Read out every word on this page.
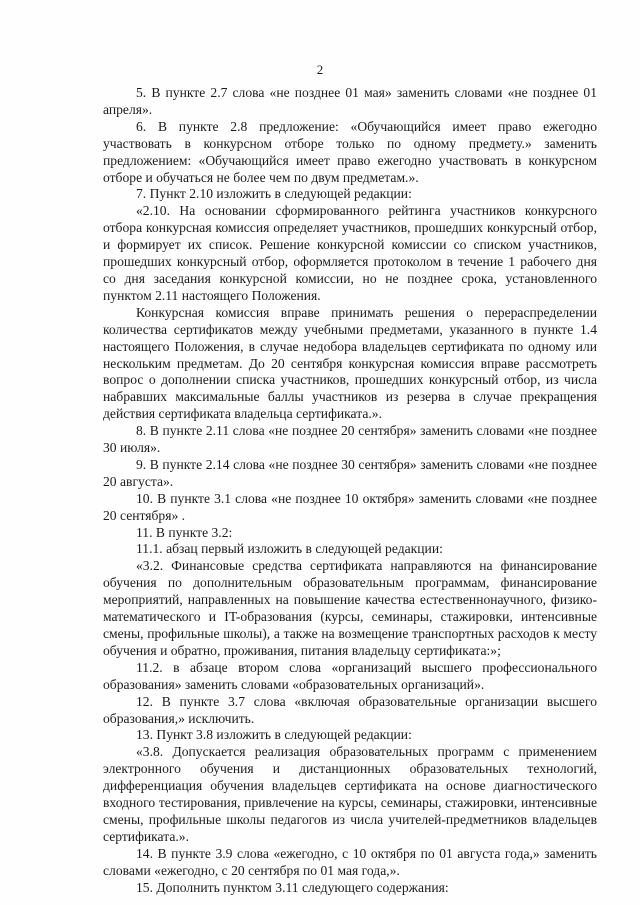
2

5. В пункте 2.7 слова «не позднее 01 мая» заменить словами «не позднее 01 апреля».

6. В пункте 2.8 предложение: «Обучающийся имеет право ежегодно участвовать в конкурсном отборе только по одному предмету.» заменить предложением: «Обучающийся имеет право ежегодно участвовать в конкурсном отборе и обучаться не более чем по двум предметам.».

7. Пункт 2.10 изложить в следующей редакции:

«2.10. На основании сформированного рейтинга участников конкурсного отбора конкурсная комиссия определяет участников, прошедших конкурсный отбор, и формирует их список. Решение конкурсной комиссии со списком участников, прошедших конкурсный отбор, оформляется протоколом в течение 1 рабочего дня со дня заседания конкурсной комиссии, но не позднее срока, установленного пунктом 2.11 настоящего Положения.

Конкурсная комиссия вправе принимать решения о перераспределении количества сертификатов между учебными предметами, указанного в пункте 1.4 настоящего Положения, в случае недобора владельцев сертификата по одному или нескольким предметам. До 20 сентября конкурсная комиссия вправе рассмотреть вопрос о дополнении списка участников, прошедших конкурсный отбор, из числа набравших максимальные баллы участников из резерва в случае прекращения действия сертификата владельца сертификата.».

8. В пункте 2.11 слова «не позднее 20 сентября» заменить словами «не позднее 30 июля».

9. В пункте 2.14 слова «не позднее 30 сентября» заменить словами «не позднее 20 августа».

10. В пункте 3.1 слова «не позднее 10 октября» заменить словами «не позднее 20 сентября» .

11. В пункте 3.2:

11.1. абзац первый изложить в следующей редакции:

«3.2. Финансовые средства сертификата направляются на финансирование обучения по дополнительным образовательным программам, финансирование мероприятий, направленных на повышение качества естественнонаучного, физико-математического и IT-образования (курсы, семинары, стажировки, интенсивные смены, профильные школы), а также на возмещение транспортных расходов к месту обучения и обратно, проживания, питания владельцу сертификата:»;

11.2. в абзаце втором слова «организаций высшего профессионального образования» заменить словами «образовательных организаций».

12. В пункте 3.7 слова «включая образовательные организации высшего образования,» исключить.

13. Пункт 3.8 изложить в следующей редакции:

«3.8. Допускается реализация образовательных программ с применением электронного обучения и дистанционных образовательных технологий, дифференциация обучения владельцев сертификата на основе диагностического входного тестирования, привлечение на курсы, семинары, стажировки, интенсивные смены, профильные школы педагогов из числа учителей-предметников владельцев сертификата.».

14. В пункте 3.9 слова «ежегодно, с 10 октября по 01 августа года,» заменить словами «ежегодно, с 20 сентября по 01 мая года,».

15. Дополнить пунктом 3.11 следующего содержания:
